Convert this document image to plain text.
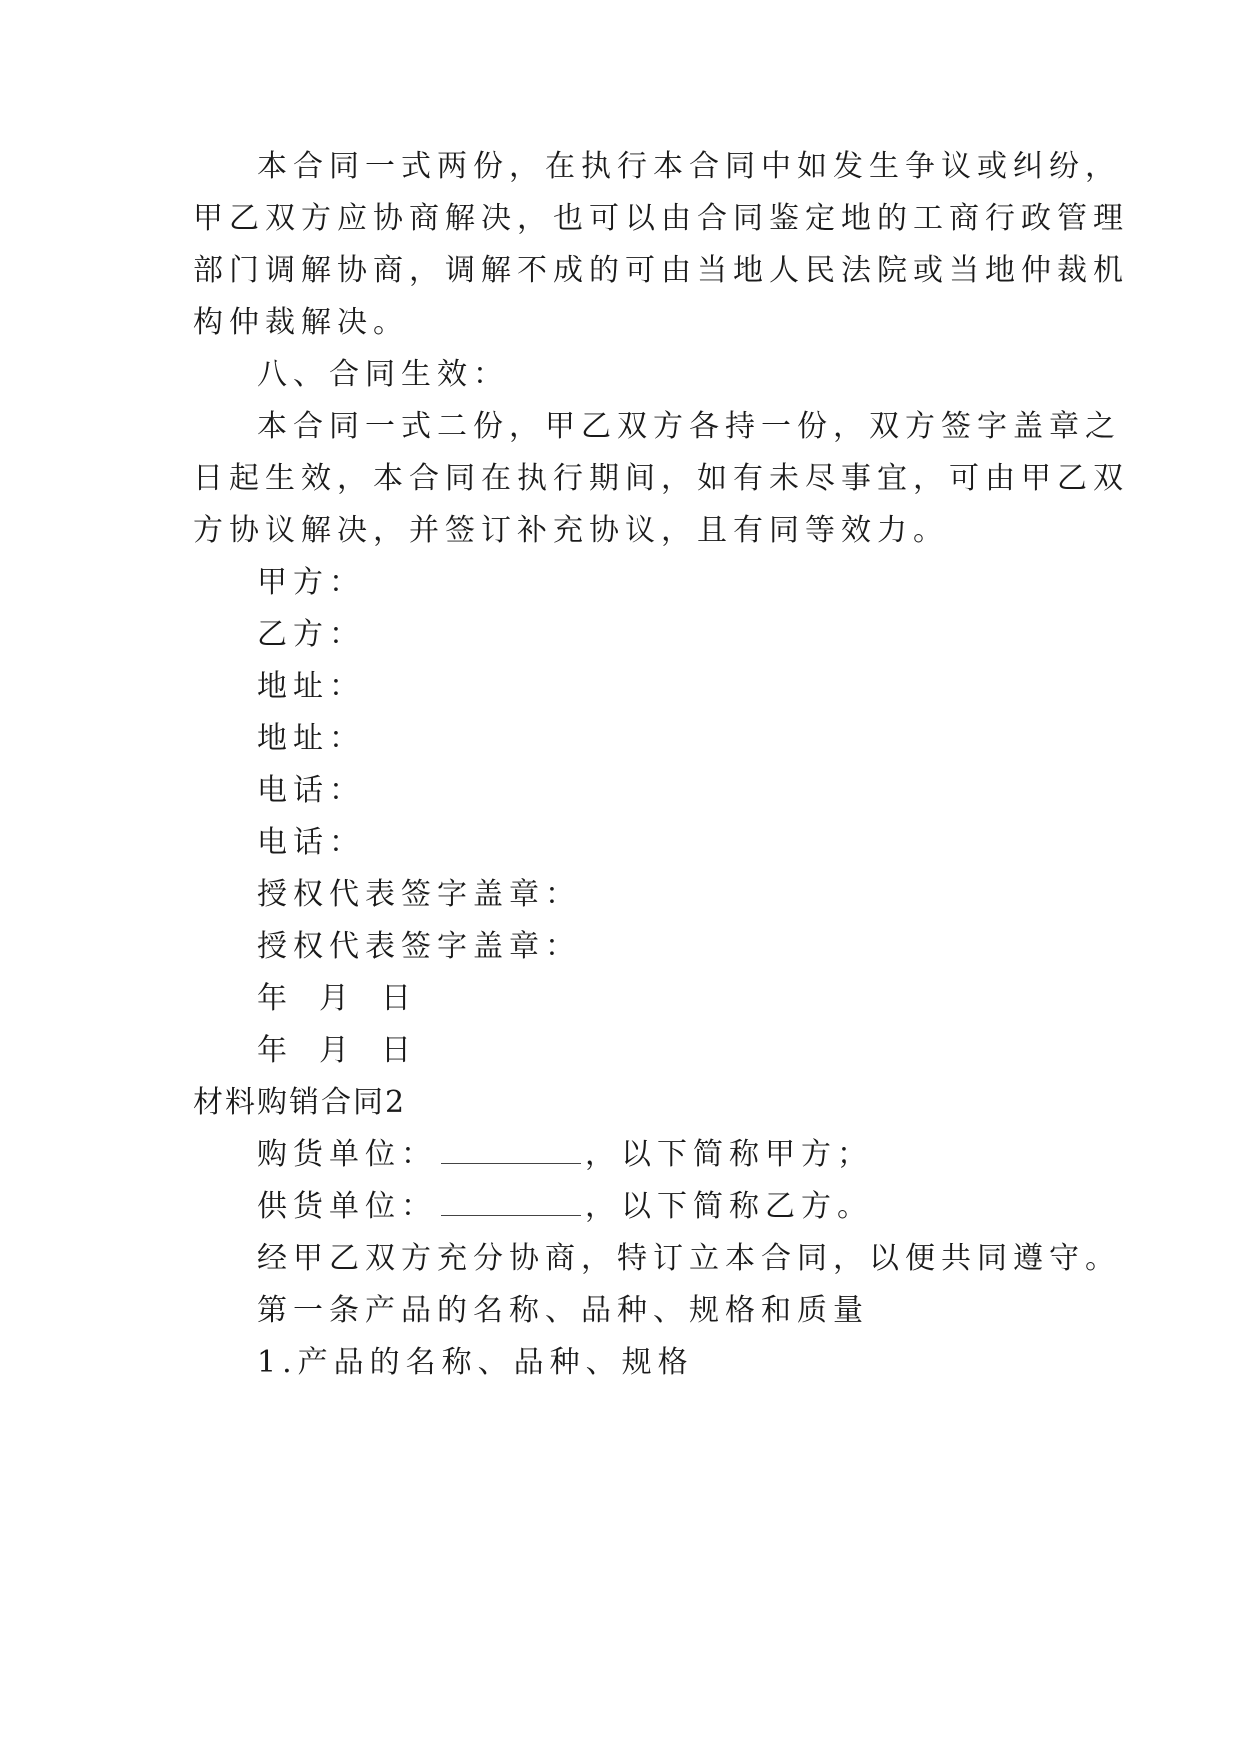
本合同一式两份，在执行本合同中如发生争议或纠纷，
甲乙双方应协商解决，也可以由合同鉴定地的工商行政管理
部门调解协商，调解不成的可由当地人民法院或当地仲裁机
构仲裁解决。
八、合同生效：
本合同一式二份，甲乙双方各持一份，双方签字盖章之
日起生效，本合同在执行期间，如有未尽事宜，可由甲乙双
方协议解决，并签订补充协议，且有同等效力。
甲方：
乙方：
地址：
地址：
电话：
电话：
授权代表签字盖章：
授权代表签字盖章：
年 月 日
年 月 日
材料购销合同2
购货单位：	，以下简称甲方；
供货单位：	，以下简称乙方。
经甲乙双方充分协商，特订立本合同，以便共同遵守。
第一条产品的名称、品种、规格和质量
1.产品的名称、品种、规格
